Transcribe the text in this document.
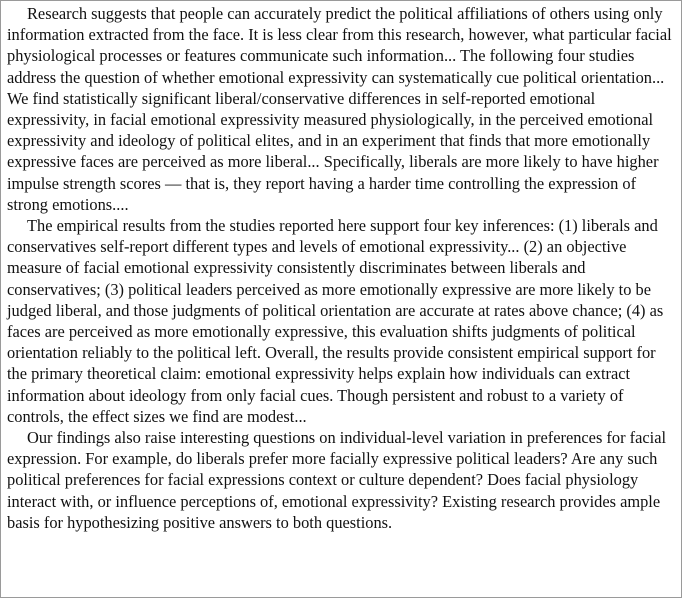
Research suggests that people can accurately predict the political affiliations of others using only information extracted from the face. It is less clear from this research, however, what particular facial physiological processes or features communicate such information... The following four studies address the question of whether emotional expressivity can systematically cue political orientation... We find statistically significant liberal/conservative differences in self-reported emotional expressivity, in facial emotional expressivity measured physiologically, in the perceived emotional expressivity and ideology of political elites, and in an experiment that finds that more emotionally expressive faces are perceived as more liberal... Specifically, liberals are more likely to have higher impulse strength scores — that is, they report having a harder time controlling the expression of strong emotions....

The empirical results from the studies reported here support four key inferences: (1) liberals and conservatives self-report different types and levels of emotional expressivity... (2) an objective measure of facial emotional expressivity consistently discriminates between liberals and conservatives; (3) political leaders perceived as more emotionally expressive are more likely to be judged liberal, and those judgments of political orientation are accurate at rates above chance; (4) as faces are perceived as more emotionally expressive, this evaluation shifts judgments of political orientation reliably to the political left. Overall, the results provide consistent empirical support for the primary theoretical claim: emotional expressivity helps explain how individuals can extract information about ideology from only facial cues. Though persistent and robust to a variety of controls, the effect sizes we find are modest...

Our findings also raise interesting questions on individual-level variation in preferences for facial expression. For example, do liberals prefer more facially expressive political leaders? Are any such political preferences for facial expressions context or culture dependent? Does facial physiology interact with, or influence perceptions of, emotional expressivity? Existing research provides ample basis for hypothesizing positive answers to both questions.
